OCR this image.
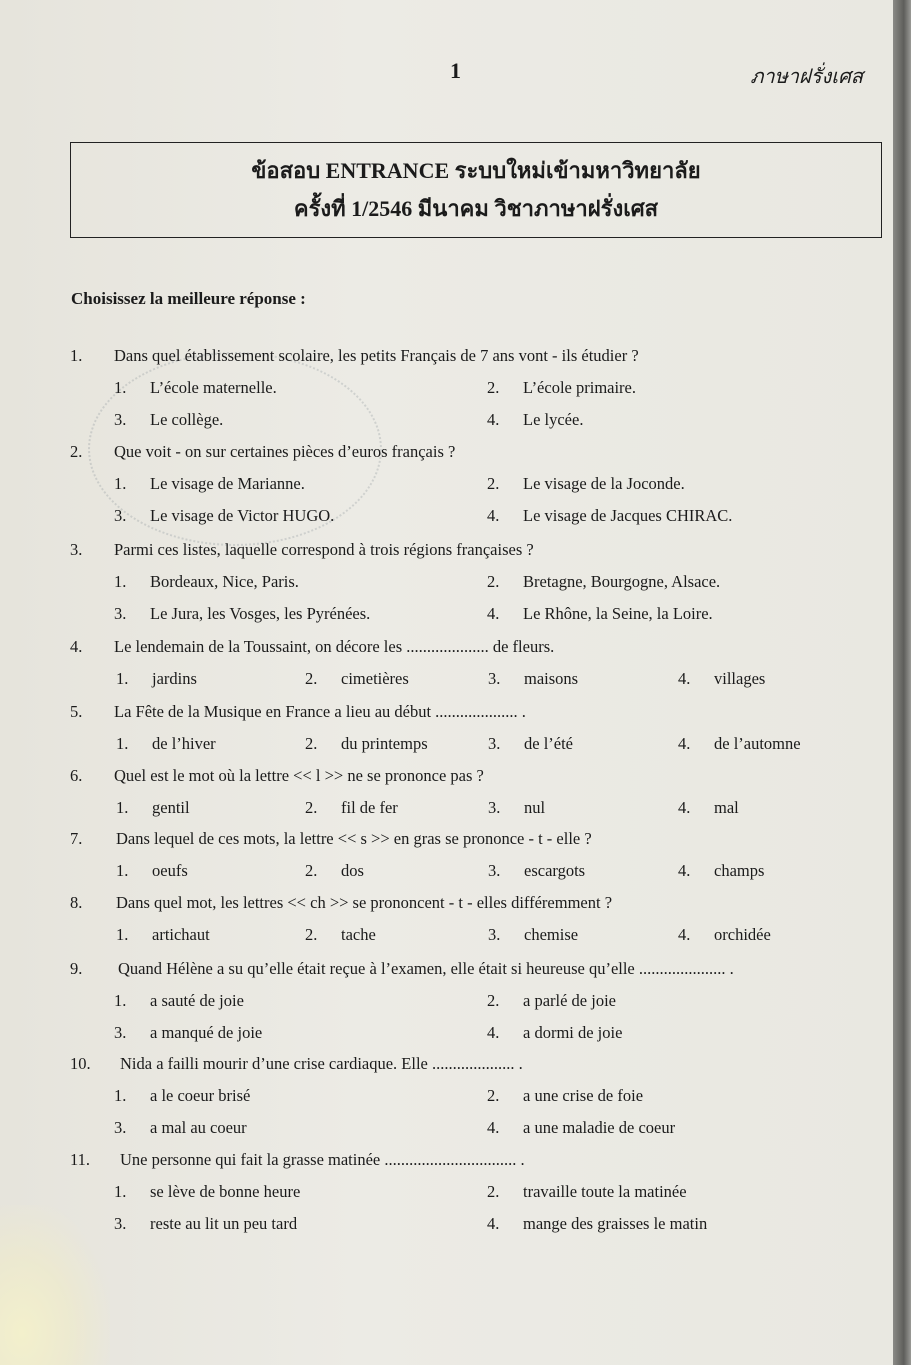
1	ภาษาฝรั่งเศส
ข้อสอบ ENTRANCE ระบบใหม่เข้ามหาวิทยาลัย
ครั้งที่ 1/2546 มีนาคม วิชาภาษาฝรั่งเศส
Choisissez la meilleure réponse :
1. Dans quel établissement scolaire, les petits Français de 7 ans vont - ils étudier ?
1. L’école maternelle.	2. L’école primaire.
3. Le collège.	4. Le lycée.
2. Que voit - on sur certaines pièces d’euros français ?
1. Le visage de Marianne.	2. Le visage de la Joconde.
3. Le visage de Victor HUGO.	4. Le visage de Jacques CHIRAC.
3. Parmi ces listes, laquelle correspond à trois régions françaises ?
1. Bordeaux, Nice, Paris.	2. Bretagne, Bourgogne, Alsace.
3. Le Jura, les Vosges, les Pyrénées.	4. Le Rhône, la Seine, la Loire.
4. Le lendemain de la Toussaint, on décore les .................... de fleurs.
1. jardins	2. cimetières	3. maisons	4. villages
5. La Fête de la Musique en France a lieu au début .................... .
1. de l’hiver	2. du printemps	3. de l’été	4. de l’automne
6. Quel est le mot où la lettre << l >> ne se prononce pas ?
1. gentil	2. fil de fer	3. nul	4. mal
7. Dans lequel de ces mots, la lettre << s >> en gras se prononce - t - elle ?
1. oeufs	2. dos	3. escargots	4. champs
8. Dans quel mot, les lettres << ch >> se prononcent - t - elles différemment ?
1. artichaut	2. tache	3. chemise	4. orchidée
9. Quand Hélène a su qu’elle était reçue à l’examen, elle était si heureuse qu’elle ..................... .
1. a sauté de joie	2. a parlé de joie
3. a manqué de joie	4. a dormi de joie
10. Nida a failli mourir d’une crise cardiaque. Elle .................... .
1. a le coeur brisé	2. a une crise de foie
3. a mal au coeur	4. a une maladie de coeur
11. Une personne qui fait la grasse matinée ................................ .
1. se lève de bonne heure	2. travaille toute la matinée
3. reste au lit un peu tard	4. mange des graisses le matin
